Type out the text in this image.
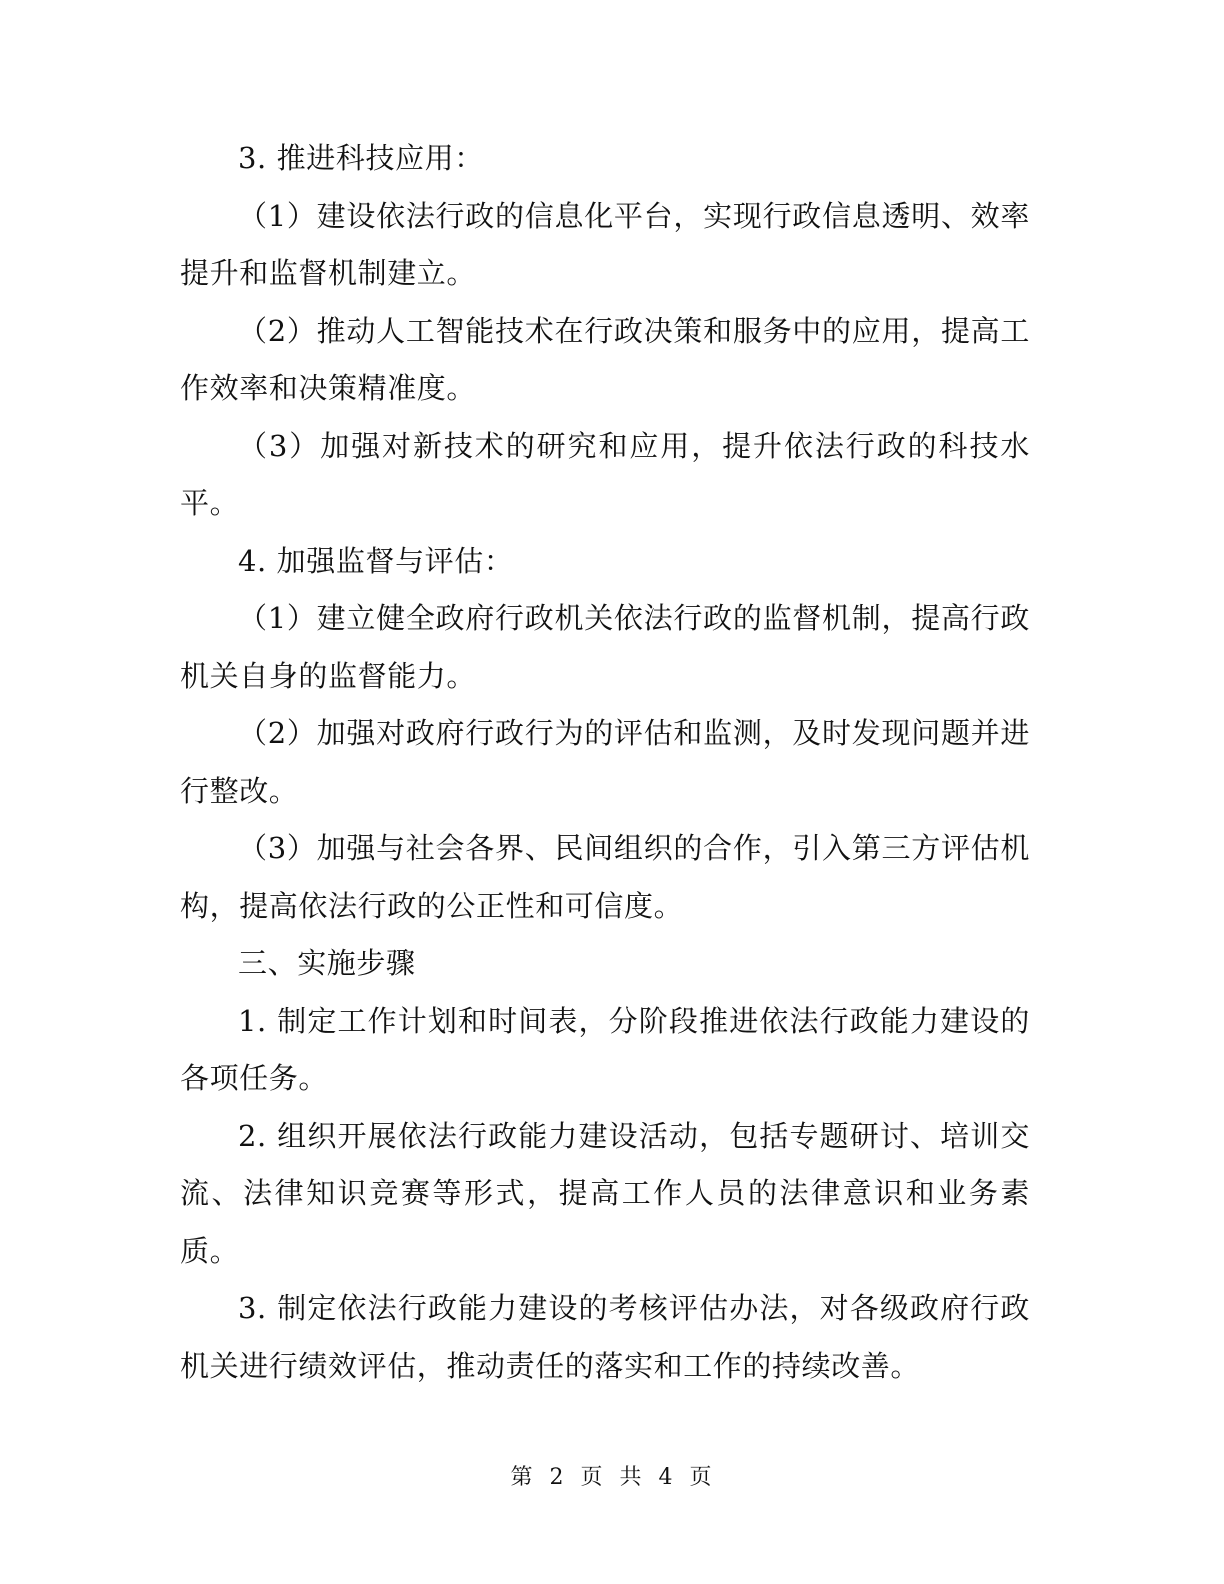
3. 推进科技应用：

（1）建设依法行政的信息化平台，实现行政信息透明、效率提升和监督机制建立。

（2）推动人工智能技术在行政决策和服务中的应用，提高工作效率和决策精准度。

（3）加强对新技术的研究和应用，提升依法行政的科技水平。

4. 加强监督与评估：

（1）建立健全政府行政机关依法行政的监督机制，提高行政机关自身的监督能力。

（2）加强对政府行政行为的评估和监测，及时发现问题并进行整改。

（3）加强与社会各界、民间组织的合作，引入第三方评估机构，提高依法行政的公正性和可信度。

三、实施步骤

1. 制定工作计划和时间表，分阶段推进依法行政能力建设的各项任务。

2. 组织开展依法行政能力建设活动，包括专题研讨、培训交流、法律知识竞赛等形式，提高工作人员的法律意识和业务素质。

3. 制定依法行政能力建设的考核评估办法，对各级政府行政机关进行绩效评估，推动责任的落实和工作的持续改善。

第 2 页 共 4 页
